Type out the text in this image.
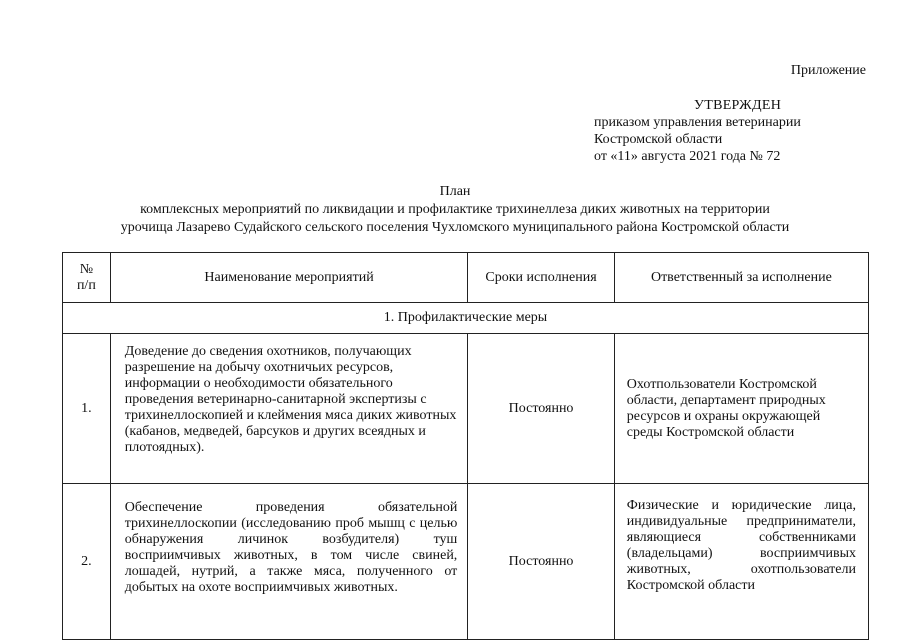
Приложение
УТВЕРЖДЕН
приказом управления ветеринарии
Костромской области
от «11» августа 2021 года № 72
План
комплексных мероприятий по ликвидации и профилактике трихинеллеза диких животных на территории
урочища Лазарево Судайского сельского поселения Чухломского муниципального района Костромской области
№
п/п	Наименование мероприятий	Сроки исполнения	Ответственный за исполнение
1. Профилактические меры			
1.	Доведение до сведения охотников, получающих разрешение на добычу охотничьих ресурсов, информации о необходимости обязательного проведения ветеринарно-санитарной экспертизы с трихинеллоскопией и клеймения мяса диких животных (кабанов, медведей, барсуков и других всеядных и плотоядных).	Постоянно	Охотпользователи Костромской области, департамент природных ресурсов и охраны окружающей среды Костромской области
2.	Обеспечение проведения обязательной трихинеллоскопии (исследованию проб мышц с целью обнаружения личинок возбудителя) туш восприимчивых животных, в том числе свиней, лошадей, нутрий, а также мяса, полученного от добытых на охоте восприимчивых животных.	Постоянно	Физические и юридические лица, индивидуальные предприниматели, являющиеся собственниками (владельцами) восприимчивых животных, охотпользователи Костромской области
